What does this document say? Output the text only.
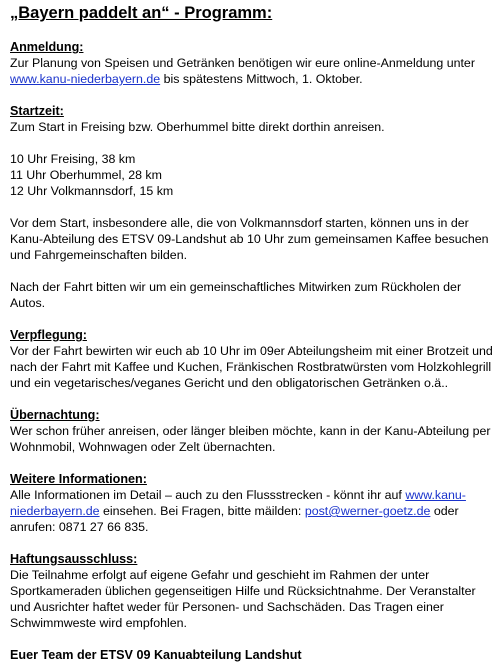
„Bayern paddelt an“ - Programm:
Anmeldung:
Zur Planung von Speisen und Getränken benötigen wir eure online-Anmeldung unter www.kanu-niederbayern.de bis spätestens Mittwoch, 1. Oktober.
Startzeit:
Zum Start in Freising bzw. Oberhummel bitte direkt dorthin anreisen.
10 Uhr Freising, 38 km
11 Uhr Oberhummel, 28 km
12 Uhr Volkmannsdorf, 15 km
Vor dem Start, insbesondere alle, die von Volkmannsdorf starten, können uns in der Kanu-Abteilung des ETSV 09-Landshut ab 10 Uhr zum gemeinsamen Kaffee besuchen und Fahrgemeinschaften bilden.
Nach der Fahrt bitten wir um ein gemeinschaftliches Mitwirken zum Rückholen der Autos.
Verpflegung:
Vor der Fahrt bewirten wir euch ab 10 Uhr im 09er Abteilungsheim mit einer Brotzeit und nach der Fahrt mit Kaffee und Kuchen, Fränkischen Rostbratwürsten vom Holzkohlegrill und ein vegetarisches/veganes Gericht und den obligatorischen Getränken o.ä..
Übernachtung:
Wer schon früher anreisen, oder länger bleiben möchte, kann in der Kanu-Abteilung per Wohnmobil, Wohnwagen oder Zelt übernachten.
Weitere Informationen:
Alle Informationen im Detail – auch zu den Flussstrecken - könnt ihr auf www.kanu-niederbayern.de einsehen. Bei Fragen, bitte mäilden: post@werner-goetz.de oder anrufen: 0871 27 66 835.
Haftungsausschluss:
Die Teilnahme erfolgt auf eigene Gefahr und geschieht im Rahmen der unter Sportkameraden üblichen gegenseitigen Hilfe und Rücksichtnahme. Der Veranstalter und Ausrichter haftet weder für Personen- und Sachschäden. Das Tragen einer Schwimmweste wird empfohlen.
Euer Team der ETSV 09 Kanuabteilung Landshut
